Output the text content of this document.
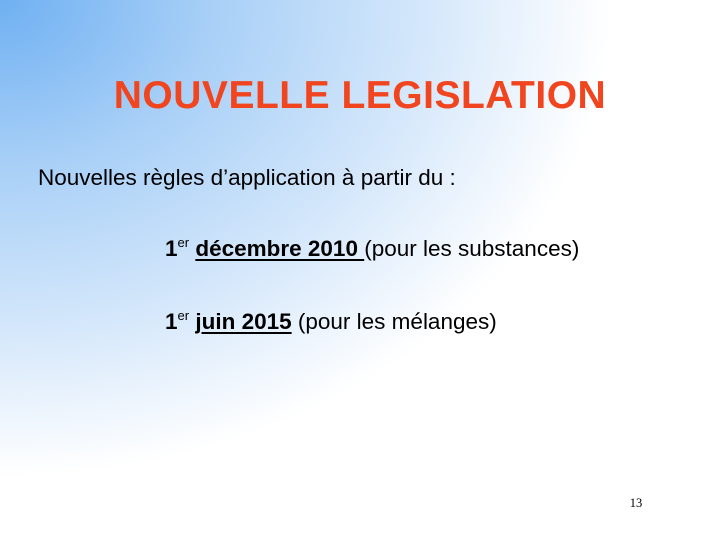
NOUVELLE LEGISLATION
Nouvelles règles d’application à partir du :
1er décembre 2010 (pour les substances)
1er juin 2015 (pour les mélanges)
13
